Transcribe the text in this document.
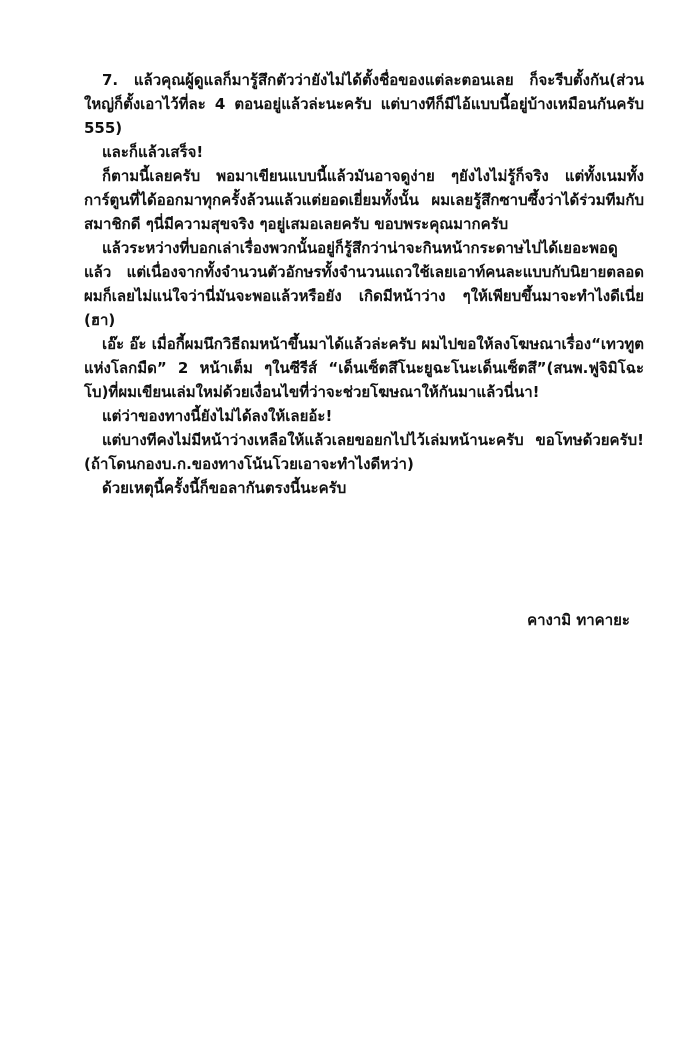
7. แล้วคุณผู้ดูแลก็มารู้สึกตัวว่ายังไม่ได้ตั้งชื่อของแต่ละตอนเลย ก็จะรีบตั้งกัน(ส่วนใหญ่ก็ตั้งเอาไว้ที่ละ 4 ตอนอยู่แล้วล่ะนะครับ แต่บางทีก็มีไอ้แบบนี้อยู่บ้างเหมือนกันครับ 555)

และก็แล้วเสร็จ!

ก็ตามนี้เลยครับ พอมาเขียนแบบนี้แล้วมันอาจดูง่าย ๆยังไงไม่รู้ก็จริง แต่ทั้งเนมทั้งการ์ตูนที่ได้ออกมาทุกครั้งล้วนแล้วแต่ยอดเยี่ยมทั้งนั้น ผมเลยรู้สึกซาบซึ้งว่าได้ร่วมทีมกับสมาชิกดี ๆนี่มีความสุขจริง ๆอยู่เสมอเลยครับ ขอบพระคุณมากครับ

แล้วระหว่างที่บอกเล่าเรื่องพวกนั้นอยู่ก็รู้สึกว่าน่าจะกินหน้ากระดาษไปได้เยอะพอดูแล้ว แต่เนื่องจากทั้งจำนวนตัวอักษรทั้งจำนวนแถวใช้เลยเอาท์คนละแบบกับนิยายตลอดผมก็เลยไม่แน่ใจว่านี่มันจะพอแล้วหรือยัง เกิดมีหน้าว่าง ๆให้เพียบขึ้นมาจะทำไงดีเนี่ย (ฮา)

เอ๊ะ อ๊ะ เมื่อกี้ผมนึกวิธีถมหน้าขึ้นมาได้แล้วล่ะครับ ผมไปขอให้ลงโฆษณาเรื่อง“เทวทูตแห่งโลกมืด” 2 หน้าเต็ม ๆในซีรีส์ “เด็นเซ็ตสึโนะยูฉะโนะเด็นเซ็ตสึ”(สนพ.ฟูจิมิโฉะโบ)ที่ผมเขียนเล่มใหม่ด้วยเงื่อนไขที่ว่าจะช่วยโฆษณาให้กันมาแล้วนี่นา!

แต่ว่าของทางนี้ยังไม่ได้ลงให้เลยอ้ะ!

แต่บางทีคงไม่มีหน้าว่างเหลือให้แล้วเลยขอยกไปไว้เล่มหน้านะครับ ขอโทษด้วยครับ! (ถ้าโดนกองบ.ก.ของทางโน้นโวยเอาจะทำไงดีหว่า)

ด้วยเหตุนี้ครั้งนี้ก็ขอลากันตรงนี้นะครับ

คางามิ ทาคายะ
